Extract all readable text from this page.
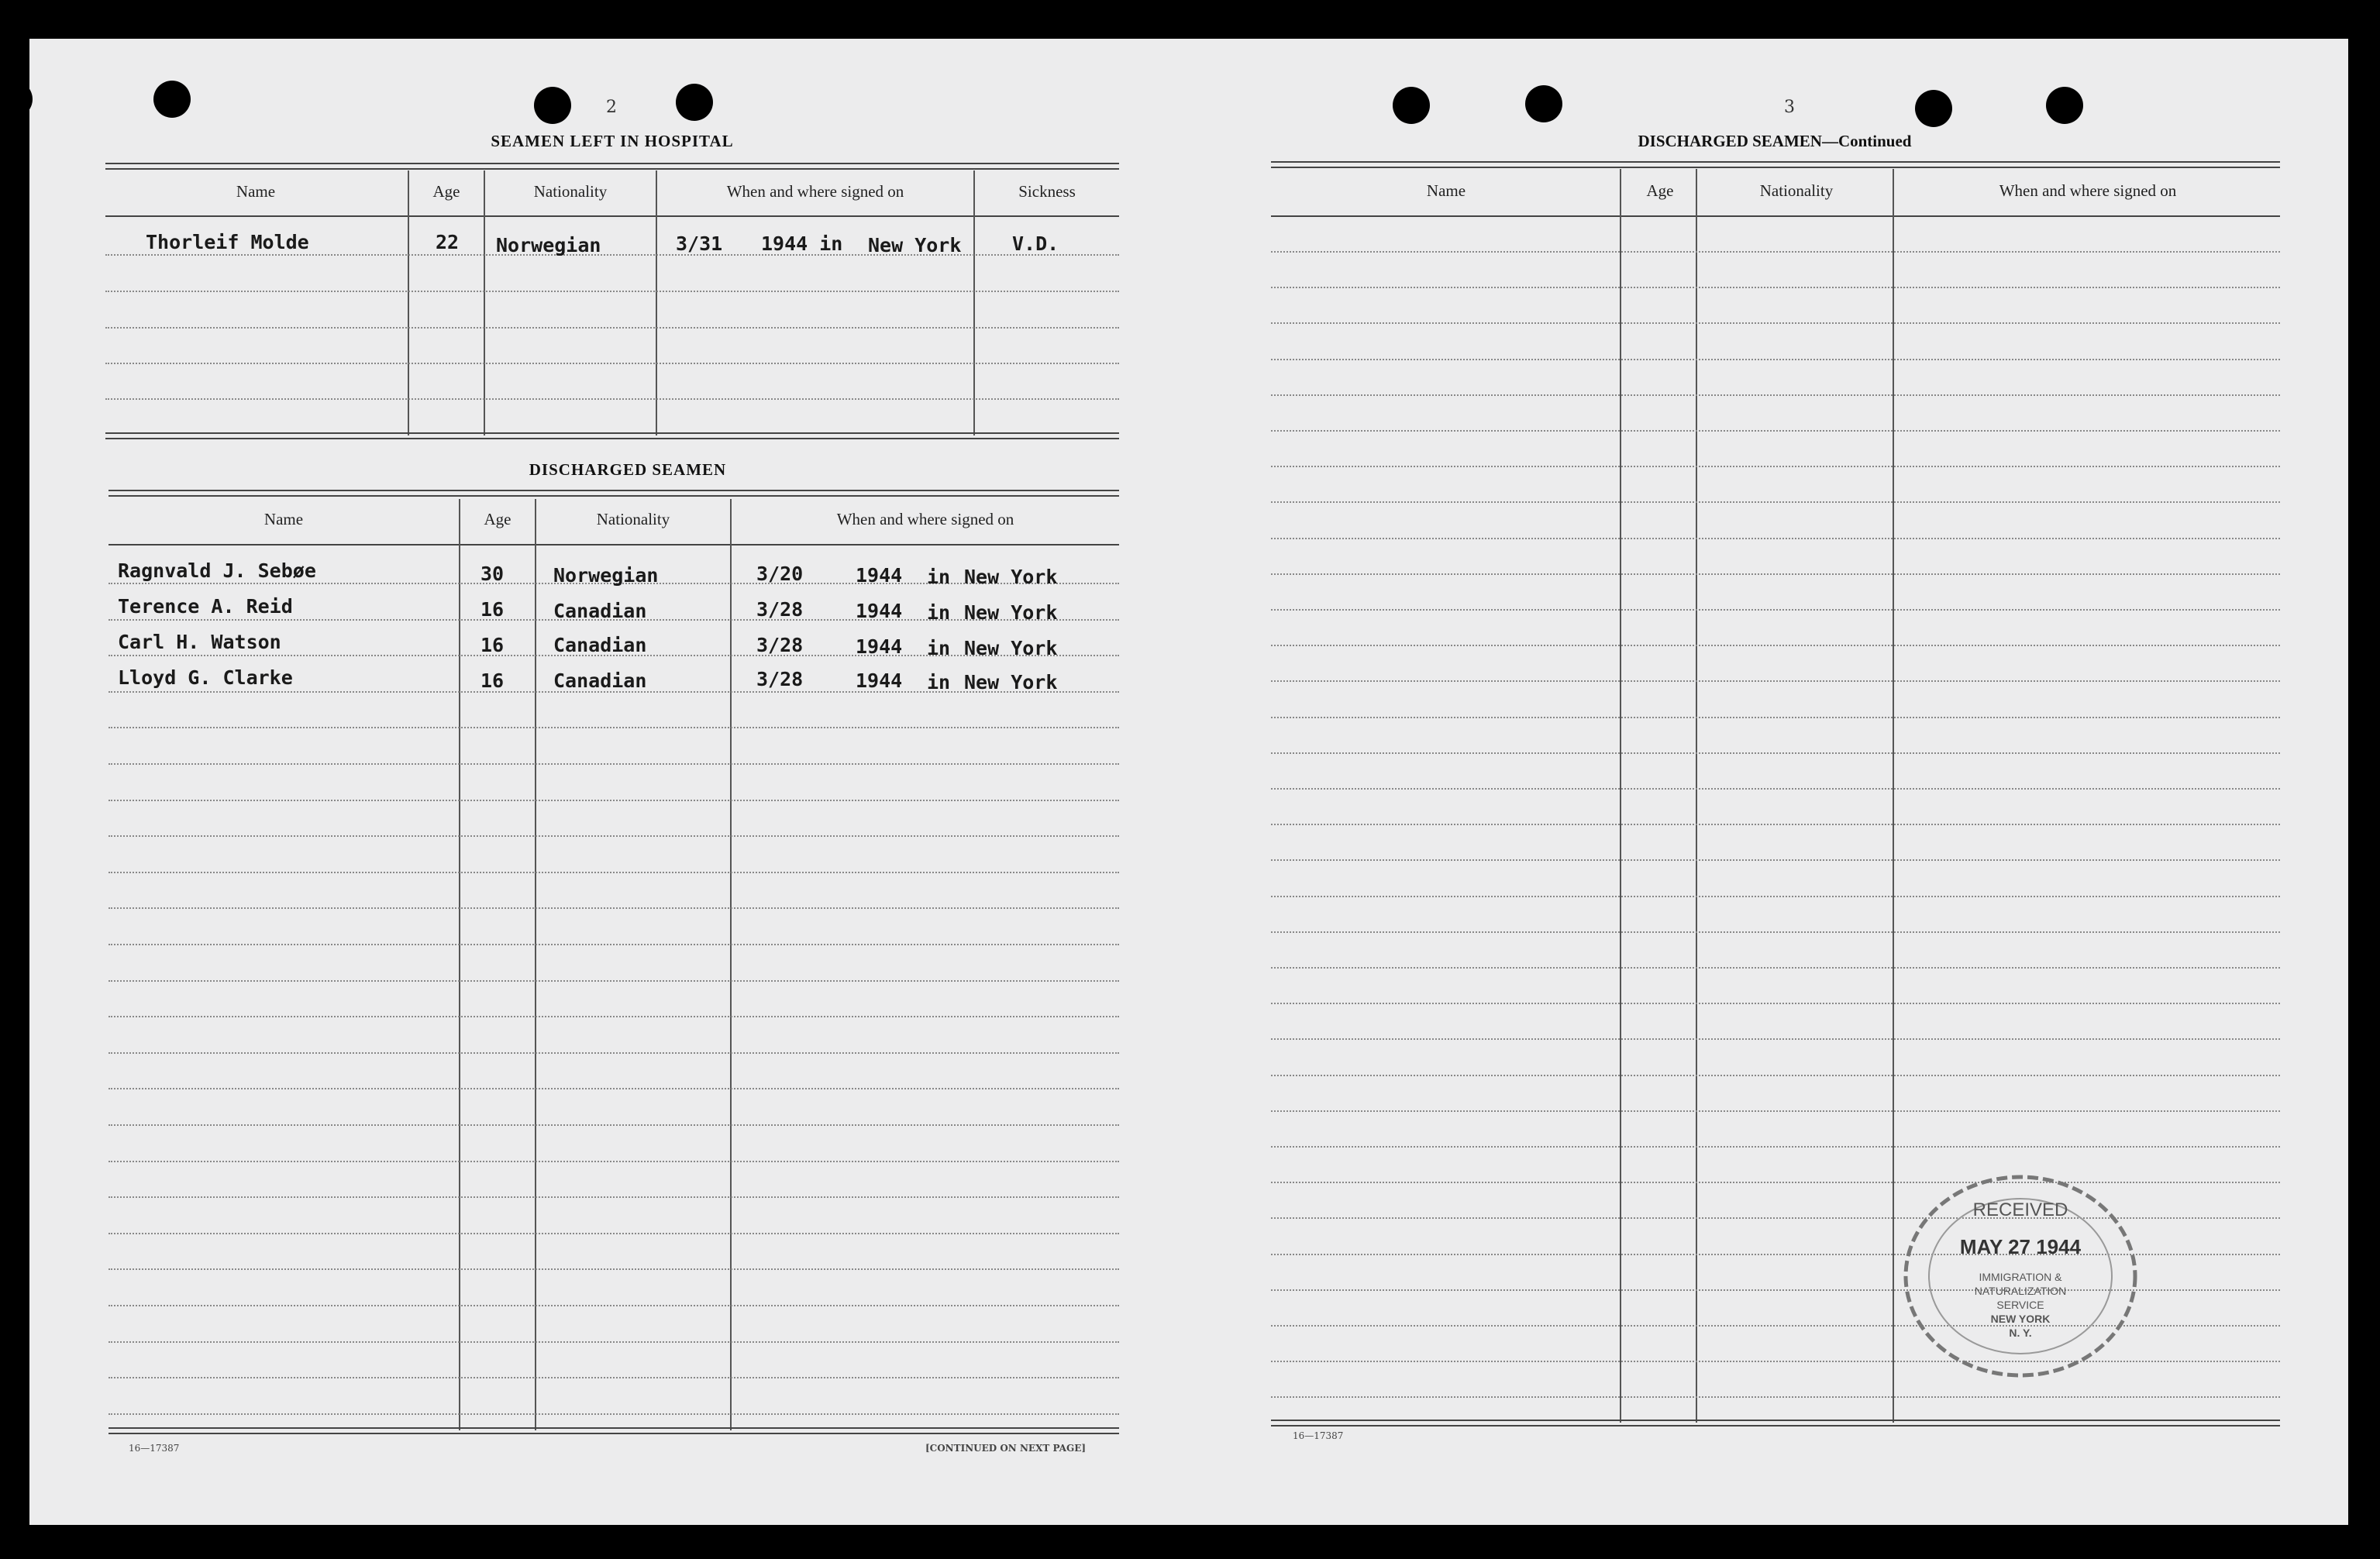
2
SEAMEN LEFT IN HOSPITAL
Name	Age	Nationality	When and where signed on	Sickness
Thorleif Molde	22 Norwegian	3/31 1944 in New York	V.D.
DISCHARGED SEAMEN
Name	Age	Nationality	When and where signed on
Ragnvald J. Sebøe	30	Norwegian	3/20	1944 in New York
Terence A. Reid	16	Canadian	3/28	1944 in New York
Carl H. Watson	16	Canadian	3/28	1944 in New York
Lloyd G. Clarke	16	Canadian	3/28	1944 in New York
16—17387	[CONTINUED ON NEXT PAGE]
3
DISCHARGED SEAMEN—Continued
Name	Age	Nationality	When and where signed on
16—17387
RECEIVED
MAY 27 1944
IMMIGRATION &
NATURALIZATION
SERVICE
NEW YORK
N. Y.
